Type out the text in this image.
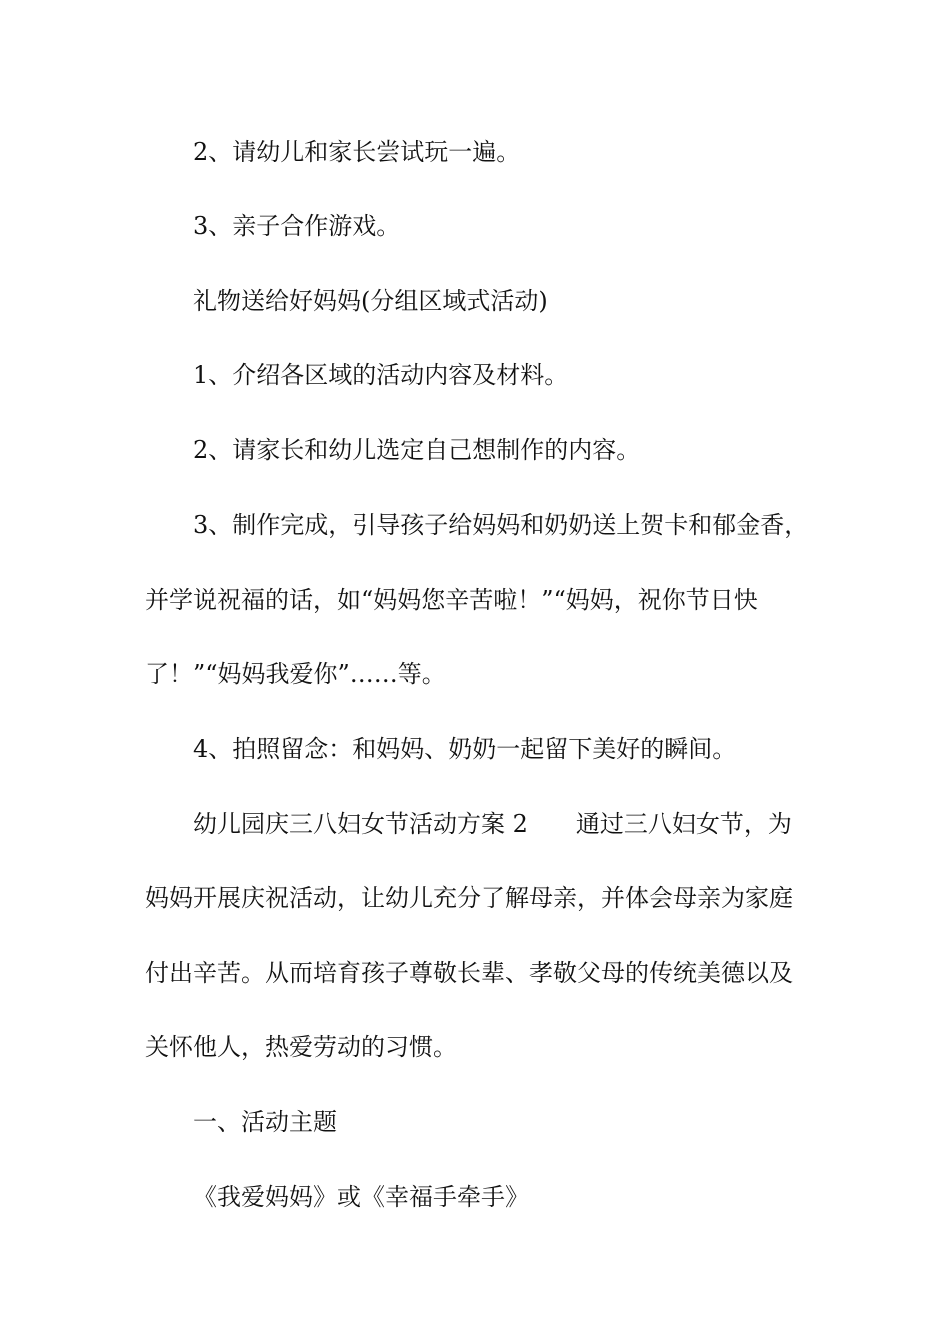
2、请幼儿和家长尝试玩一遍。
3、亲子合作游戏。
礼物送给好妈妈(分组区域式活动)
1、介绍各区域的活动内容及材料。
2、请家长和幼儿选定自己想制作的内容。
3、制作完成，引导孩子给妈妈和奶奶送上贺卡和郁金香，
并学说祝福的话，如“妈妈您辛苦啦！”“妈妈，祝你节日快
了！”“妈妈我爱你”……等。
4、拍照留念：和妈妈、奶奶一起留下美好的瞬间。
幼儿园庆三八妇女节活动方案 2　　通过三八妇女节，为
妈妈开展庆祝活动，让幼儿充分了解母亲，并体会母亲为家庭
付出辛苦。从而培育孩子尊敬长辈、孝敬父母的传统美德以及
关怀他人，热爱劳动的习惯。
一、活动主题
《我爱妈妈》或《幸福手牵手》
